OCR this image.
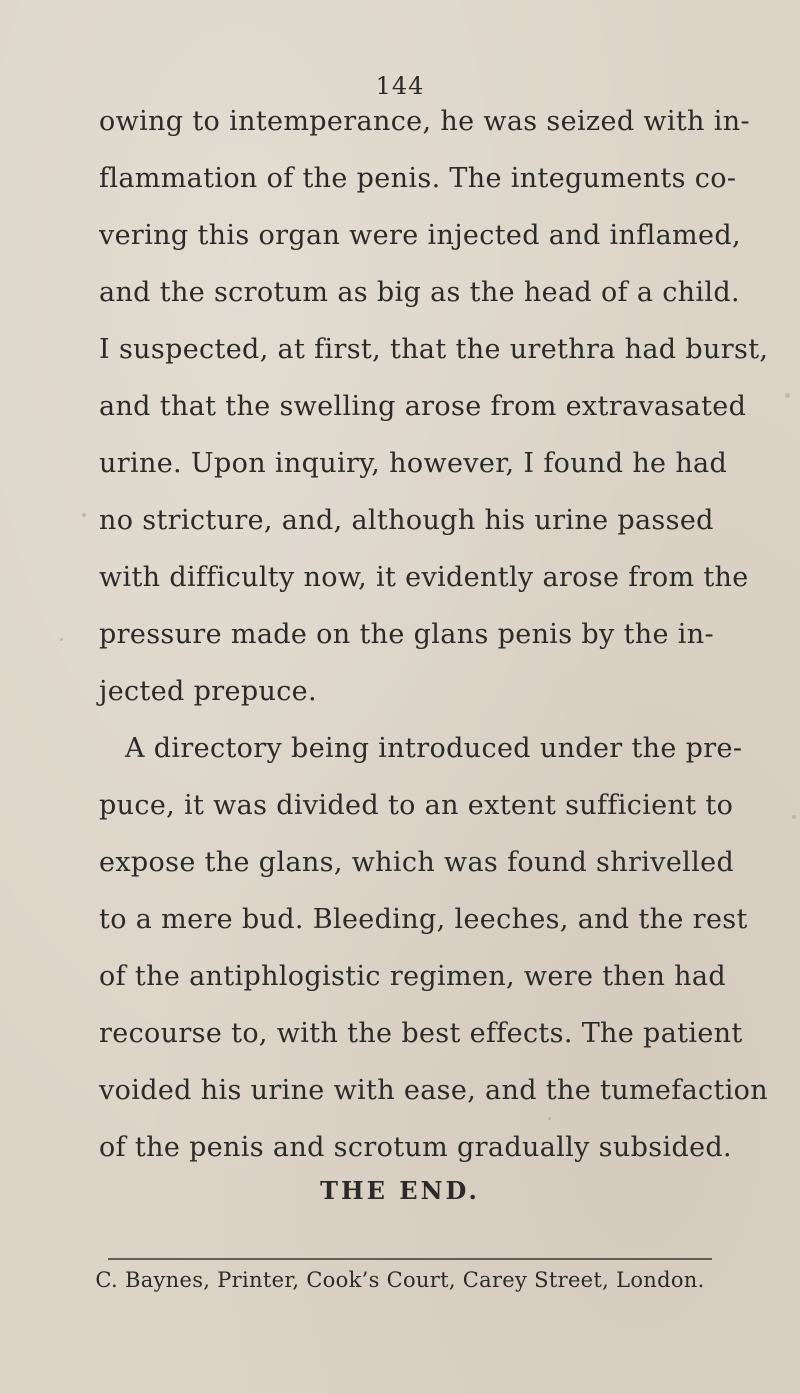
144
owing to intemperance, he was seized with in-
flammation of the penis. The integuments co-
vering this organ were injected and inflamed,
and the scrotum as big as the head of a child.
I suspected, at first, that the urethra had burst,
and that the swelling arose from extravasated
urine. Upon inquiry, however, I found he had
no stricture, and, although his urine passed
with difficulty now, it evidently arose from the
pressure made on the glans penis by the in-
jected prepuce.
A directory being introduced under the pre-
puce, it was divided to an extent sufficient to
expose the glans, which was found shrivelled
to a mere bud. Bleeding, leeches, and the rest
of the antiphlogistic regimen, were then had
recourse to, with the best effects. The patient
voided his urine with ease, and the tumefaction
of the penis and scrotum gradually subsided.
THE END.
C. Baynes, Printer, Cook’s Court, Carey Street, London.
